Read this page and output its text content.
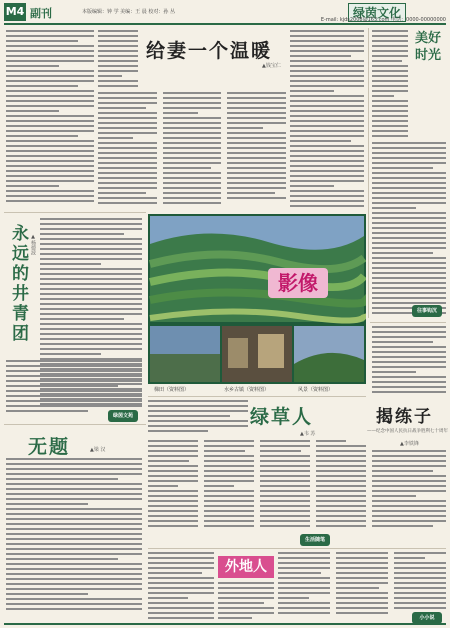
M4 副刊	本版编辑：钟 学 美编：王 晨 校对：孙 丛	绿茵文化
E-mail: kjds2008@163.com 电话：0000-00000000
给妻一个温暖
▲钱宝仁
美好时光
往事钩沉
永远的井青团 ▲杨德波
绿茵文苑
影像
梯田（资料图）	水乡古镇（资料图）	风景（资料图）
揭练子
——纪念中国人民抗日战争胜利七十周年
▲李铁锋
无题	▲梁 汉
绿草人
▲韦 苏
生活随笔
外地人
小小说
